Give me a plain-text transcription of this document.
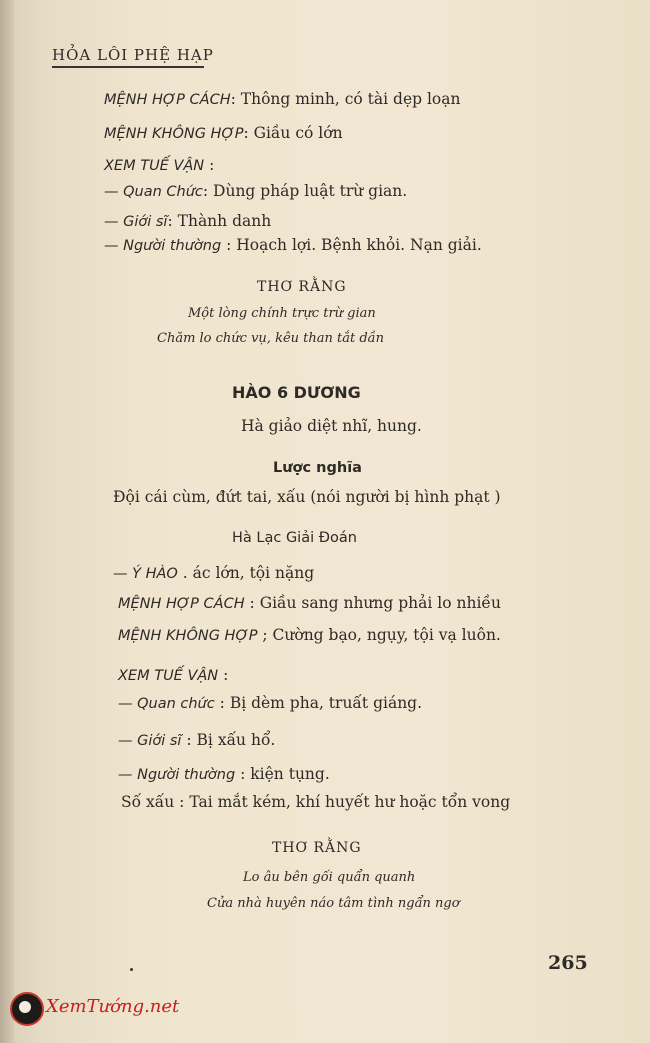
HỎA LÔI PHỆ HẠP
MỆNH HỢP CÁCH: Thông minh, có tài dẹp loạn
MỆNH KHÔNG HỢP: Giầu có lớn
XEM TUẾ VẬN :
— Quan Chức: Dùng pháp luật trừ gian.
— Giới sĩ: Thành danh
— Người thường : Hoạch lợi. Bệnh khỏi. Nạn giải.
THƠ RẰNG
Một lòng chính trực trừ gian
Chăm lo chức vụ, kêu than tắt dần
HÀO 6 DƯƠNG
Hà giảo diệt nhĩ, hung.
Lược nghĩa
Đội cái cùm, đứt tai, xấu (nói người bị hình phạt )
Hà Lạc Giải Đoán
— Ý HÀO . ác lớn, tội nặng
MỆNH HỢP CÁCH : Giầu sang nhưng phải lo nhiều
MỆNH KHÔNG HỢP ; Cường bạo, ngụy, tội vạ luôn.
XEM TUẾ VẬN :
— Quan chức : Bị dèm pha, truất giáng.
— Giới sĩ : Bị xấu hổ.
— Người thường : kiện tụng.
Số xấu : Tai mắt kém, khí huyết hư hoặc tổn vong
THƠ RẰNG
Lo âu bên gối quẩn quanh
Cửa nhà huyên náo tâm tình ngẩn ngơ
265
XemTướng.net
